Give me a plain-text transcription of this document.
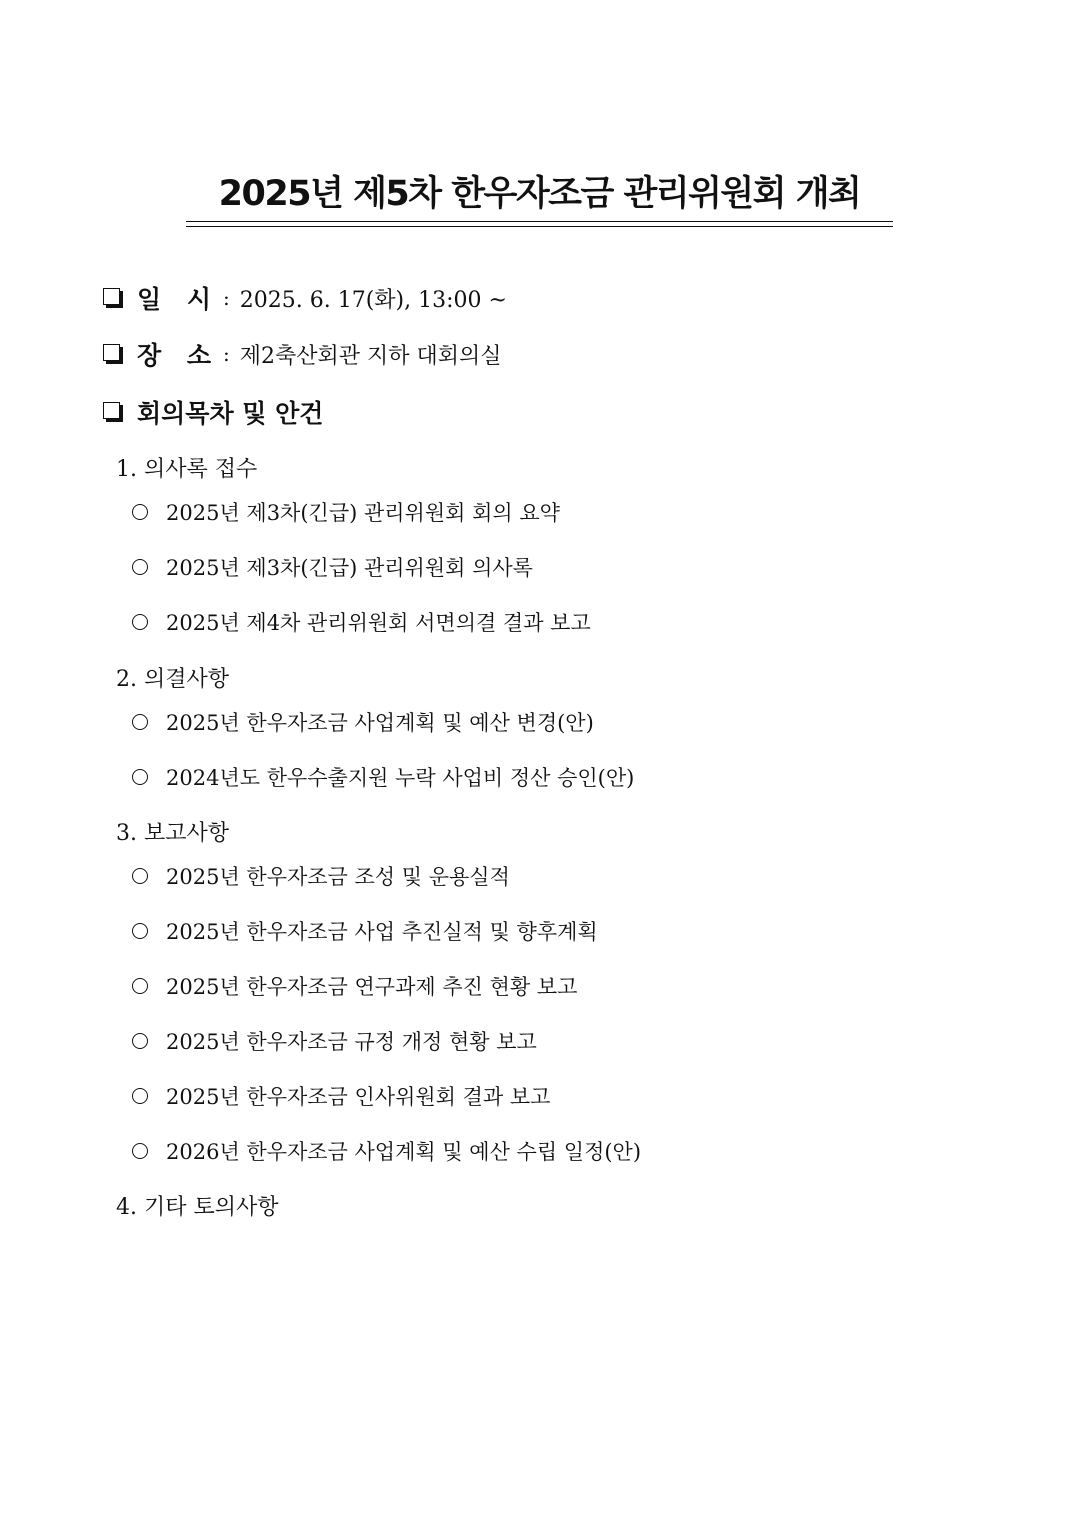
2025년 제5차 한우자조금 관리위원회 개최
일 시 : 2025. 6. 17(화), 13:00 ~
장 소 : 제2축산회관 지하 대회의실
회의목차 및 안건
1. 의사록 접수
2025년 제3차(긴급) 관리위원회 회의 요약
2025년 제3차(긴급) 관리위원회 의사록
2025년 제4차 관리위원회 서면의결 결과 보고
2. 의결사항
2025년 한우자조금 사업계획 및 예산 변경(안)
2024년도 한우수출지원 누락 사업비 정산 승인(안)
3. 보고사항
2025년 한우자조금 조성 및 운용실적
2025년 한우자조금 사업 추진실적 및 향후계획
2025년 한우자조금 연구과제 추진 현황 보고
2025년 한우자조금 규정 개정 현황 보고
2025년 한우자조금 인사위원회 결과 보고
2026년 한우자조금 사업계획 및 예산 수립 일정(안)
4. 기타 토의사항
